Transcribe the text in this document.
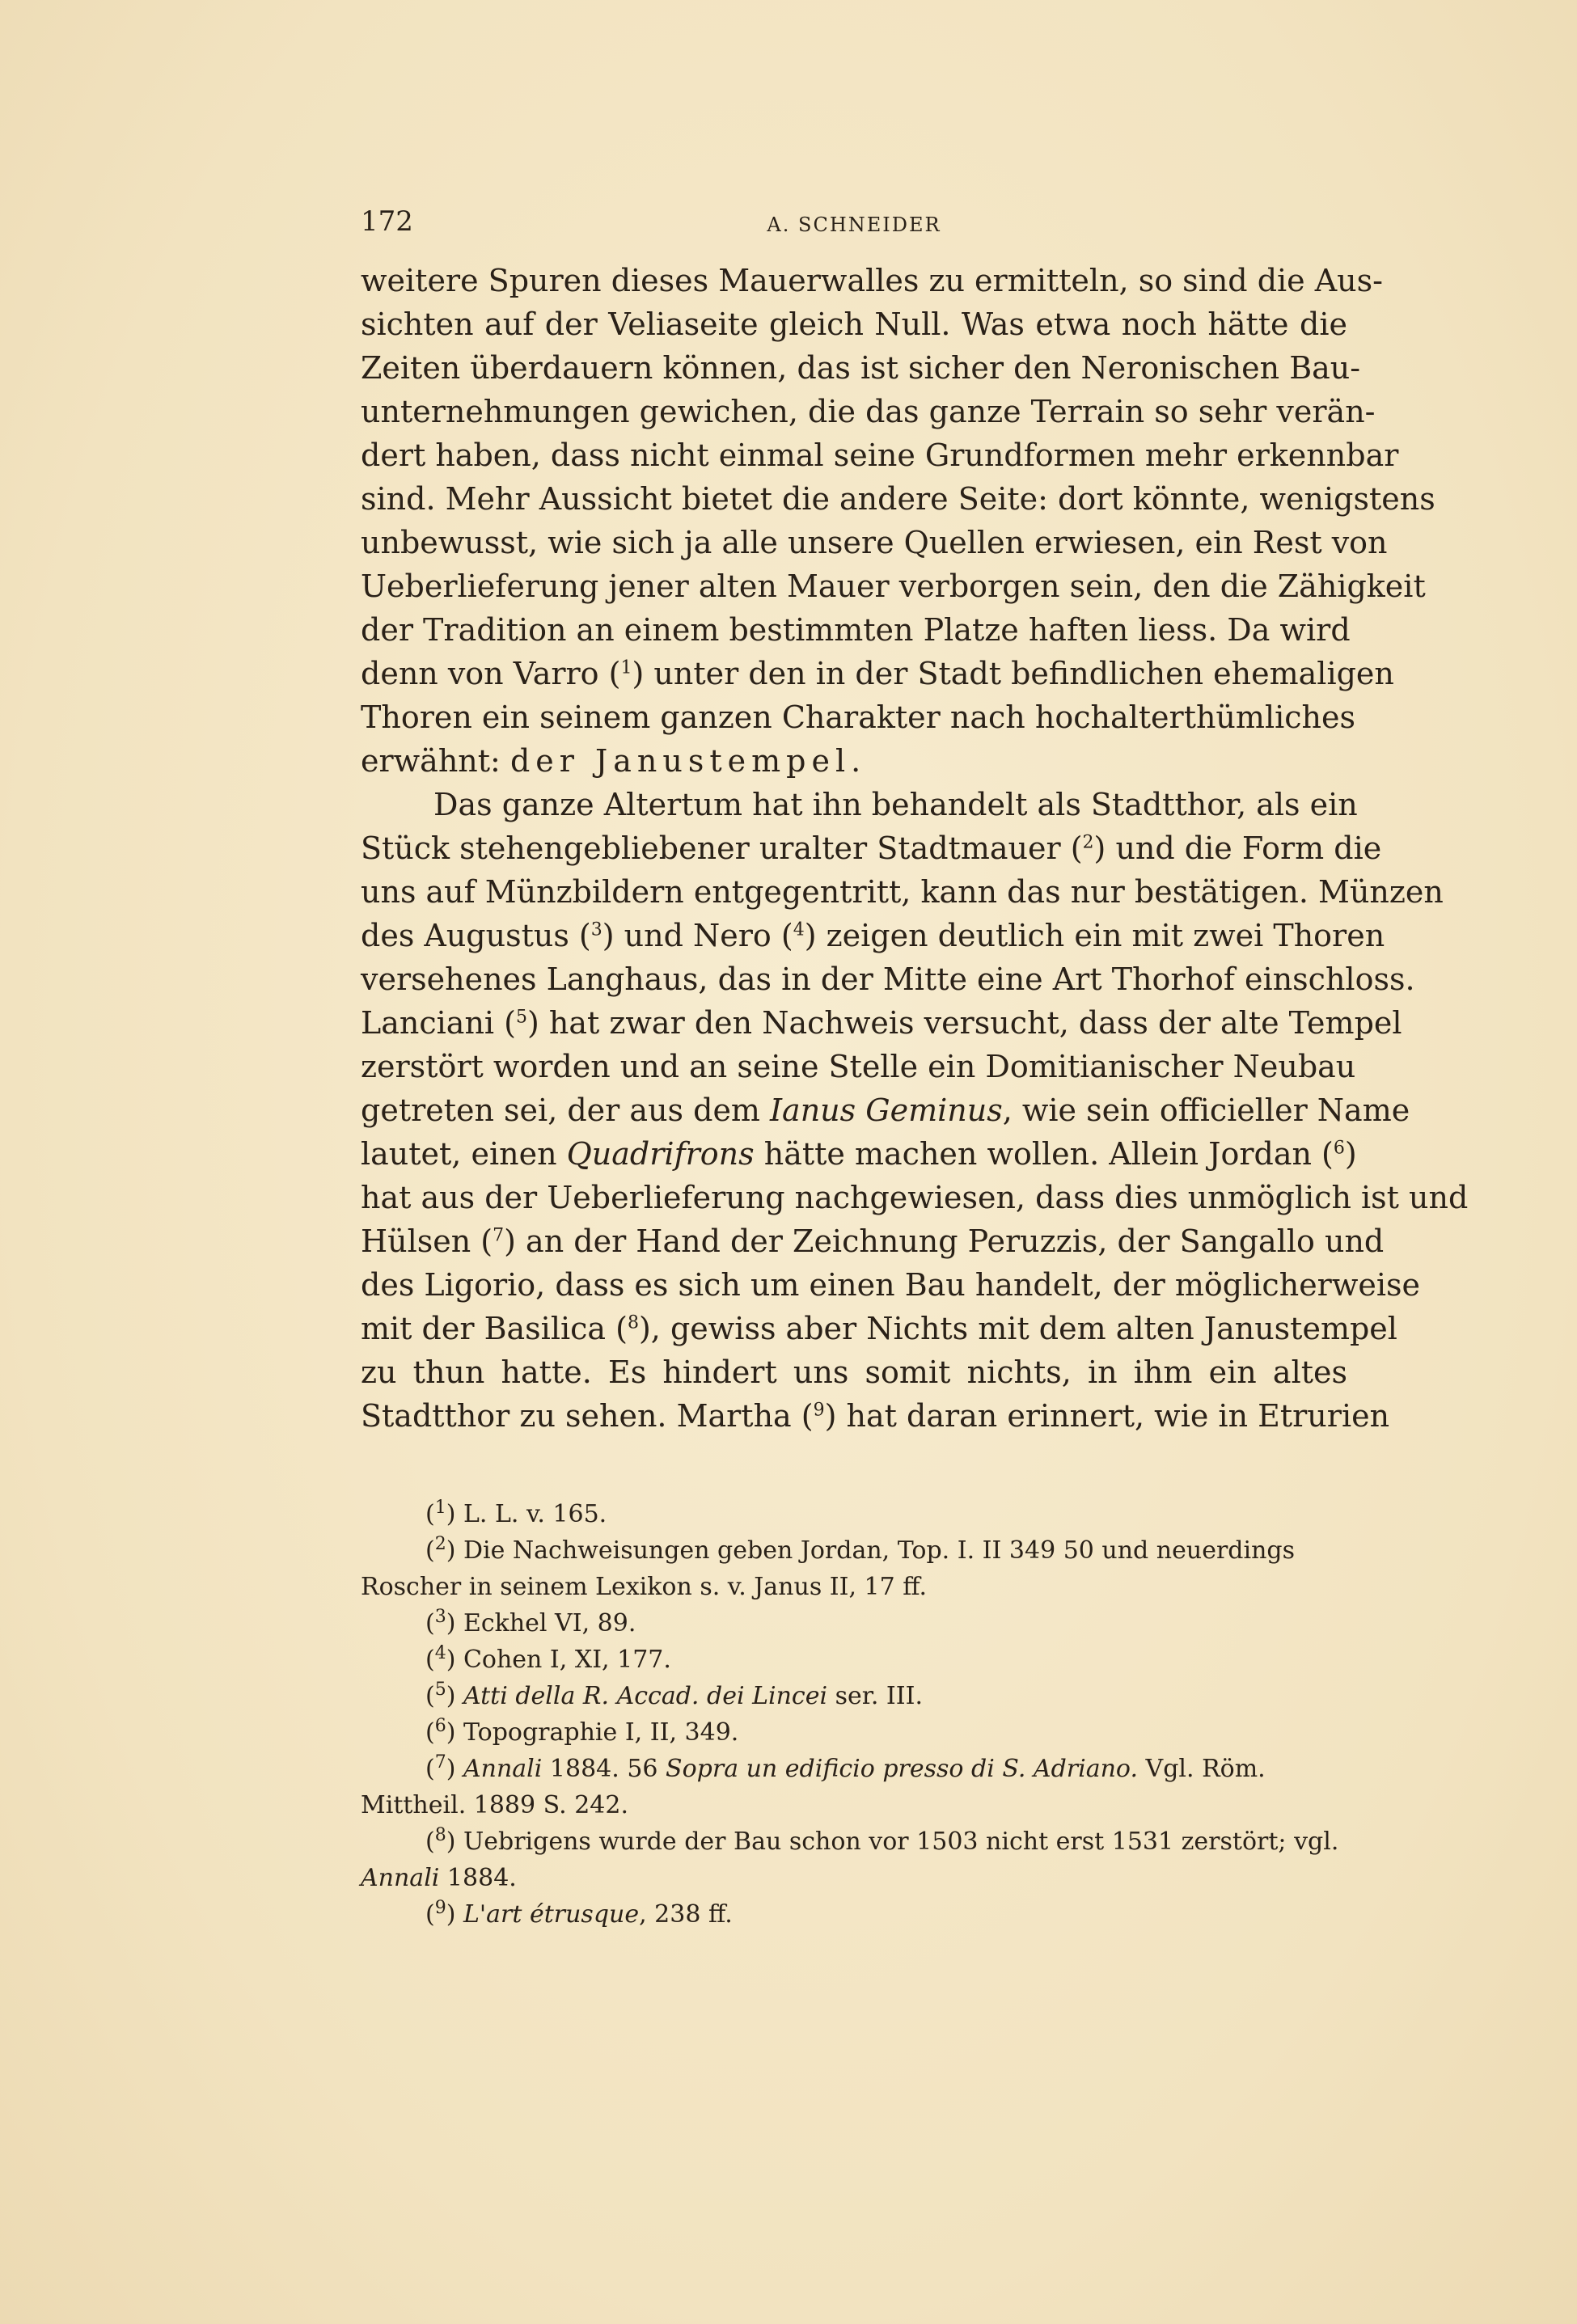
172	A. SCHNEIDER
weitere Spuren dieses Mauerwalles zu ermitteln, so sind die Aus-
sichten auf der Veliaseite gleich Null. Was etwa noch hätte die
Zeiten überdauern können, das ist sicher den Neronischen Bau-
unternehmungen gewichen, die das ganze Terrain so sehr verän-
dert haben, dass nicht einmal seine Grundformen mehr erkennbar
sind. Mehr Aussicht bietet die andere Seite: dort könnte, wenigstens
unbewusst, wie sich ja alle unsere Quellen erwiesen, ein Rest von
Ueberlieferung jener alten Mauer verborgen sein, den die Zähigkeit
der Tradition an einem bestimmten Platze haften liess. Da wird
denn von Varro ($^1$) unter den in der Stadt befindlichen ehemaligen
Thoren ein seinem ganzen Charakter nach hochalterthümliches
erwähnt: der Janustempel.
Das ganze Altertum hat ihn behandelt als Stadtthor, als ein
Stück stehengebliebener uralter Stadtmauer ($^2$) und die Form die
uns auf Münzbildern entgegentritt, kann das nur bestätigen. Münzen
des Augustus ($^3$) und Nero ($^4$) zeigen deutlich ein mit zwei Thoren
versehenes Langhaus, das in der Mitte eine Art Thorhof einschloss.
Lanciani ($^5$) hat zwar den Nachweis versucht, dass der alte Tempel
zerstört worden und an seine Stelle ein Domitianischer Neubau
getreten sei, der aus dem Ianus Geminus, wie sein officieller Name
lautet, einen Quadrifrons hätte machen wollen. Allein Jordan ($^6$)
hat aus der Ueberlieferung nachgewiesen, dass dies unmöglich ist und
Hülsen ($^7$) an der Hand der Zeichnung Peruzzis, der Sangallo und
des Ligorio, dass es sich um einen Bau handelt, der möglicherweise
mit der Basilica ($^8$), gewiss aber Nichts mit dem alten Janustempel
zu thun hatte. Es hindert uns somit nichts, in ihm ein altes
Stadtthor zu sehen. Martha ($^9$) hat daran erinnert, wie in Etrurien
($^1$) L. L. v. 165.
($^2$) Die Nachweisungen geben Jordan, Top. I. II 349 50 und neuerdings
Roscher in seinem Lexikon s. v. Janus II, 17 ff.
($^3$) Eckhel VI, 89.
($^4$) Cohen I, XI, 177.
($^5$) Atti della R. Accad. dei Lincei ser. III.
($^6$) Topographie I, II, 349.
($^7$) Annali 1884. 56 Sopra un edificio presso di S. Adriano. Vgl. Röm.
Mittheil. 1889 S. 242.
($^8$) Uebrigens wurde der Bau schon vor 1503 nicht erst 1531 zerstört; vgl.
Annali 1884.
($^9$) L'art étrusque, 238 ff.
